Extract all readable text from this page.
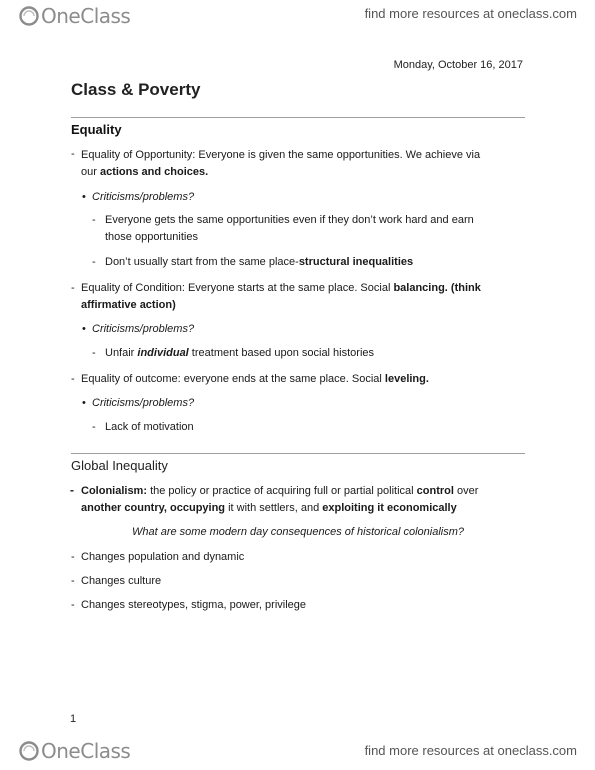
OneClass	find more resources at oneclass.com
Monday, October 16, 2017
Class & Poverty
Equality
- Equality of Opportunity: Everyone is given the same opportunities. We achieve via
our actions and choices.
• Criticisms/problems?
- Everyone gets the same opportunities even if they don’t work hard and earn
those opportunities
- Don’t usually start from the same place-structural inequalities
- Equality of Condition: Everyone starts at the same place. Social balancing. (think
affirmative action)
• Criticisms/problems?
- Unfair individual treatment based upon social histories
- Equality of outcome: everyone ends at the same place. Social leveling.
• Criticisms/problems?
- Lack of motivation
Global Inequality
- Colonialism: the policy or practice of acquiring full or partial political control over
another country, occupying it with settlers, and exploiting it economically
What are some modern day consequences of historical colonialism?
- Changes population and dynamic
- Changes culture
- Changes stereotypes, stigma, power, privilege
1
OneClass	find more resources at oneclass.com
